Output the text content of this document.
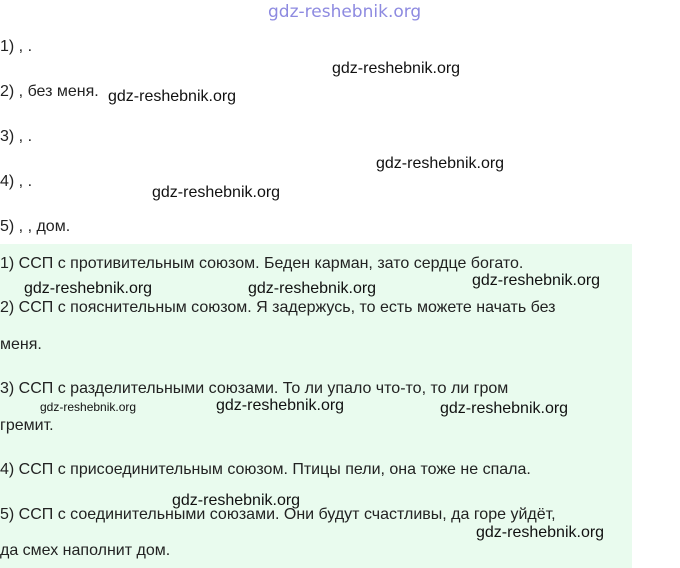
gdz-reshebnik.org
1) , .
2) , без меня.
3) , .
4) , .
5) , , дом.
1) ССП с противительным союзом. Беден карман, зато сердце богато.
2) ССП с пояснительным союзом. Я задержусь, то есть можете начать без
меня.
3) ССП с разделительными союзами. То ли упало что-то, то ли гром
гремит.
4) ССП с присоединительным союзом. Птицы пели, она тоже не спала.
5) ССП с соединительными союзами. Они будут счастливы, да горе уйдёт,
да смех наполнит дом.
gdz-reshebnik.org
gdz-reshebnik.org
gdz-reshebnik.org
gdz-reshebnik.org
gdz-reshebnik.org
gdz-reshebnik.org	gdz-reshebnik.org
gdz-reshebnik.org	gdz-reshebnik.org	gdz-reshebnik.org
gdz-reshebnik.org
gdz-reshebnik.org
